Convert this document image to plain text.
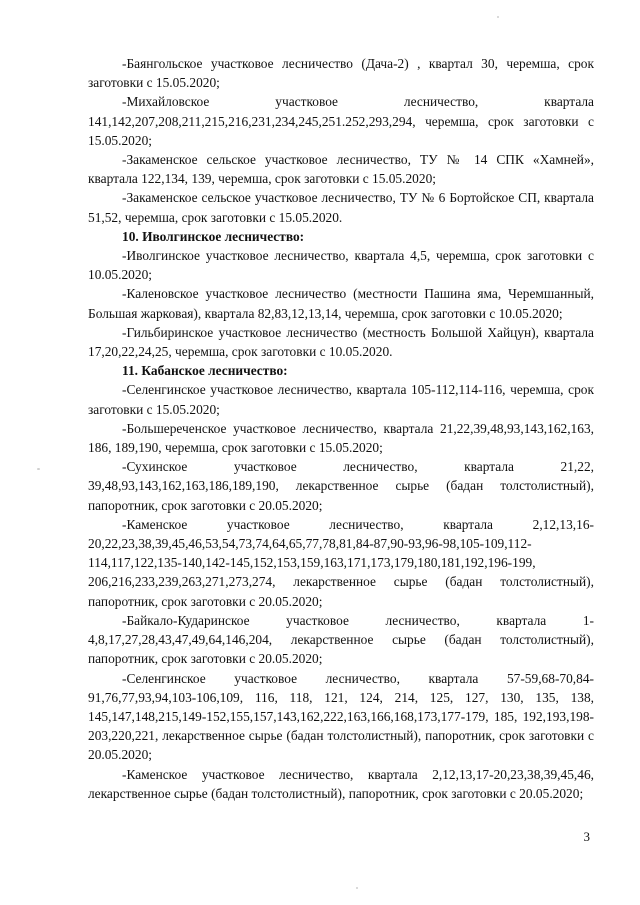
-Баянгольское участковое лесничество (Дача-2) , квартал 30, черемша, срок заготовки с 15.05.2020;

-Михайловское участковое лесничество, квартала 141,142,207,208,211,215,216,231,234,245,251.252,293,294, черемша, срок заготовки с 15.05.2020;

-Закаменское сельское участковое лесничество, ТУ № 14 СПК «Хамней», квартала 122,134, 139, черемша, срок заготовки с 15.05.2020;

-Закаменское сельское участковое лесничество, ТУ № 6 Бортойское СП, квартала 51,52, черемша, срок заготовки с 15.05.2020.

10. Иволгинское лесничество:

-Иволгинское участковое лесничество, квартала 4,5, черемша, срок заготовки с 10.05.2020;

-Каленовское участковое лесничество (местности Пашина яма, Черемшанный, Большая жарковая), квартала 82,83,12,13,14, черемша, срок заготовки с 10.05.2020;

-Гильбиринское участковое лесничество (местность Большой Хайцун), квартала 17,20,22,24,25, черемша, срок заготовки с 10.05.2020.

11. Кабанское лесничество:

-Селенгинское участковое лесничество, квартала 105-112,114-116, черемша, срок заготовки с 15.05.2020;

-Большереченское участковое лесничество, квартала 21,22,39,48,93,143,162,163, 186, 189,190, черемша, срок заготовки с 15.05.2020;

-Сухинское участковое лесничество, квартала 21,22, 39,48,93,143,162,163,186,189,190, лекарственное сырье (бадан толстолистный), папоротник, срок заготовки с 20.05.2020;

-Каменское участковое лесничество, квартала 2,12,13,16-20,22,23,38,39,45,46,53,54,73,74,64,65,77,78,81,84-87,90-93,96-98,105-109,112-114,117,122,135-140,142-145,152,153,159,163,171,173,179,180,181,192,196-199, 206,216,233,239,263,271,273,274, лекарственное сырье (бадан толстолистный), папоротник, срок заготовки с 20.05.2020;

-Байкало-Кударинское участковое лесничество, квартала 1-4,8,17,27,28,43,47,49,64,146,204, лекарственное сырье (бадан толстолистный), папоротник, срок заготовки с 20.05.2020;

-Селенгинское участковое лесничество, квартала 57-59,68-70,84-91,76,77,93,94,103-106,109, 116, 118, 121, 124, 214, 125, 127, 130, 135, 138, 145,147,148,215,149-152,155,157,143,162,222,163,166,168,173,177-179, 185, 192,193,198-203,220,221, лекарственное сырье (бадан толстолистный), папоротник, срок заготовки с 20.05.2020;

-Каменское участковое лесничество, квартала 2,12,13,17-20,23,38,39,45,46, лекарственное сырье (бадан толстолистный), папоротник, срок заготовки с 20.05.2020;

3
